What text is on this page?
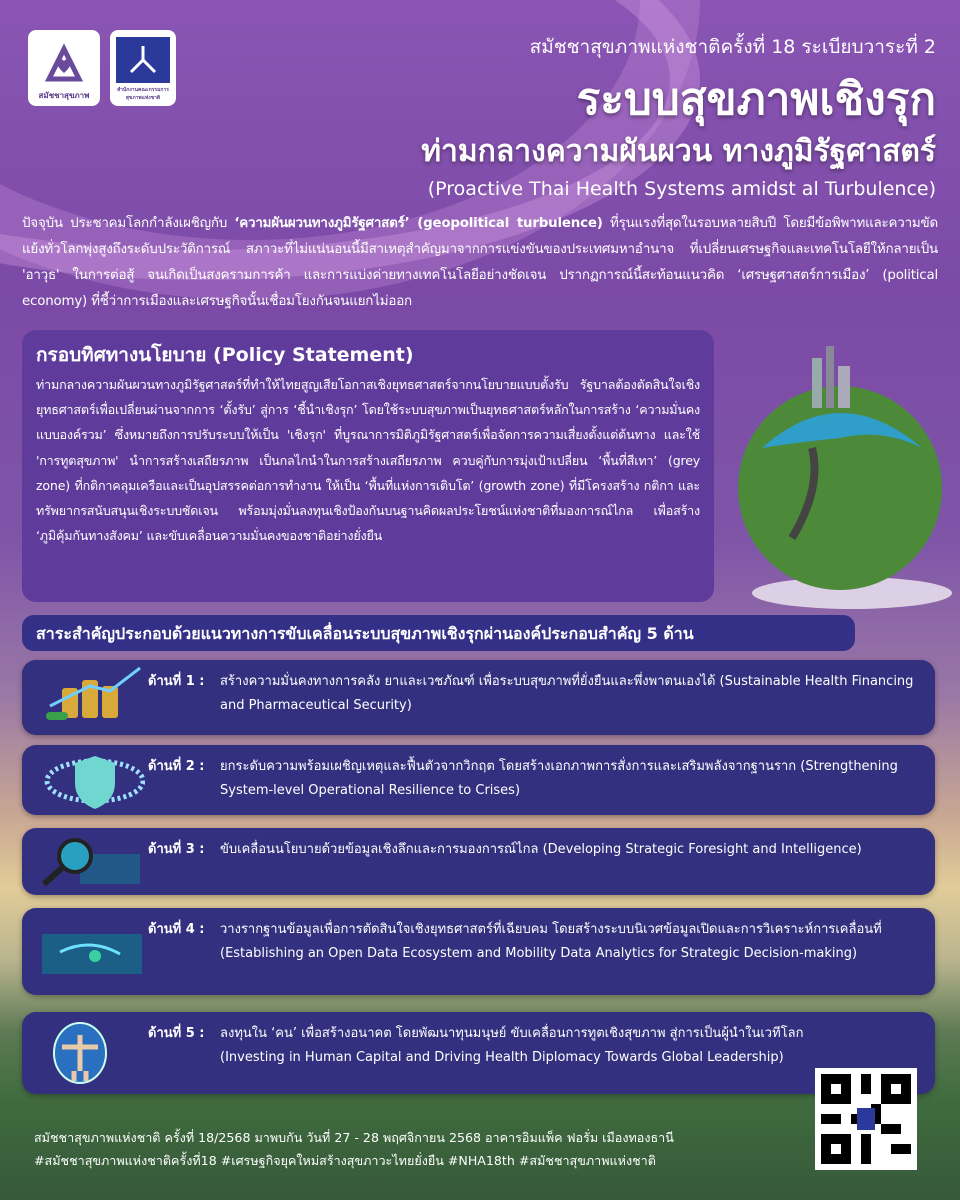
สมัชชาสุขภาพ
สำนักงานคณะกรรมการสุขภาพแห่งชาติ
สมัชชาสุขภาพแห่งชาติครั้งที่ 18 ระเบียบวาระที่ 2
ระบบสุขภาพเชิงรุก
ท่ามกลางความผันผวน ทางภูมิรัฐศาสตร์
(Proactive Thai Health Systems amidst al Turbulence)

ปัจจุบัน ประชาคมโลกกำลังเผชิญกับ ‘ความผันผวนทางภูมิรัฐศาสตร์’ (geopolitical turbulence) ที่รุนแรงที่สุดในรอบหลายสิบปี โดยมีข้อพิพาทและความขัดแย้งทั่วโลกพุ่งสูงถึงระดับประวัติการณ์ สภาวะที่ไม่แน่นอนนี้มีสาเหตุสำคัญมาจากการแข่งขันของประเทศมหาอำนาจ ที่เปลี่ยนเศรษฐกิจและเทคโนโลยีให้กลายเป็น 'อาวุธ' ในการต่อสู้ จนเกิดเป็นสงครามการค้า และการแบ่งค่ายทางเทคโนโลยีอย่างชัดเจน ปรากฏการณ์นี้สะท้อนแนวคิด ‘เศรษฐศาสตร์การเมือง’ (political economy) ที่ชี้ว่าการเมืองและเศรษฐกิจนั้นเชื่อมโยงกันจนแยกไม่ออก

กรอบทิศทางนโยบาย (Policy Statement)

ท่ามกลางความผันผวนทางภูมิรัฐศาสตร์ที่ทำให้ไทยสูญเสียโอกาสเชิงยุทธศาสตร์จากนโยบายแบบตั้งรับ รัฐบาลต้องตัดสินใจเชิงยุทธศาสตร์เพื่อเปลี่ยนผ่านจากการ ‘ตั้งรับ’ สู่การ ‘ชี้นำเชิงรุก’ โดยใช้ระบบสุขภาพเป็นยุทธศาสตร์หลักในการสร้าง ‘ความมั่นคงแบบองค์รวม’ ซึ่งหมายถึงการปรับระบบให้เป็น 'เชิงรุก' ที่บูรณาการมิติภูมิรัฐศาสตร์เพื่อจัดการความเสี่ยงตั้งแต่ต้นทาง และใช้ 'การทูตสุขภาพ' นำการสร้างเสถียรภาพ เป็นกลไกนำในการสร้างเสถียรภาพ ควบคู่กับการมุ่งเป้าเปลี่ยน ‘พื้นที่สีเทา’ (grey zone) ที่กติกาคลุมเครือและเป็นอุปสรรคต่อการทำงาน ให้เป็น ‘พื้นที่แห่งการเติบโต’ (growth zone) ที่มีโครงสร้าง กติกา และทรัพยากรสนับสนุนเชิงระบบชัดเจน พร้อมมุ่งมั่นลงทุนเชิงป้องกันบนฐานคิดผลประโยชน์แห่งชาติที่มองการณ์ไกล เพื่อสร้าง ‘ภูมิคุ้มกันทางสังคม’ และขับเคลื่อนความมั่นคงของชาติอย่างยั่งยืน

สาระสำคัญประกอบด้วยแนวทางการขับเคลื่อนระบบสุขภาพเชิงรุกผ่านองค์ประกอบสำคัญ 5 ด้าน
ด้านที่ 1 : สร้างความมั่นคงทางการคลัง ยาและเวชภัณฑ์ เพื่อระบบสุขภาพที่ยั่งยืนและพึ่งพาตนเองได้ (Sustainable Health Financing and Pharmaceutical Security)
ด้านที่ 2 : ยกระดับความพร้อมเผชิญเหตุและฟื้นตัวจากวิกฤต โดยสร้างเอกภาพการสั่งการและเสริมพลังจากฐานราก (Strengthening System-level Operational Resilience to Crises)
ด้านที่ 3 : ขับเคลื่อนนโยบายด้วยข้อมูลเชิงลึกและการมองการณ์ไกล (Developing Strategic Foresight and Intelligence)
ด้านที่ 4 : วางรากฐานข้อมูลเพื่อการตัดสินใจเชิงยุทธศาสตร์ที่เฉียบคม โดยสร้างระบบนิเวศข้อมูลเปิดและการวิเคราะห์การเคลื่อนที่ (Establishing an Open Data Ecosystem and Mobility Data Analytics for Strategic Decision-making)
ด้านที่ 5 : ลงทุนใน ‘คน’ เพื่อสร้างอนาคต โดยพัฒนาทุนมนุษย์ ขับเคลื่อนการทูตเชิงสุขภาพ สู่การเป็นผู้นำในเวทีโลก (Investing in Human Capital and Driving Health Diplomacy Towards Global Leadership)
สมัชชาสุขภาพแห่งชาติ ครั้งที่ 18/2568 มาพบกัน วันที่ 27 - 28 พฤศจิกายน 2568 อาคารอิมแพ็ค ฟอรั่ม เมืองทองธานี
#สมัชชาสุขภาพแห่งชาติครั้งที่18 #เศรษฐกิจยุคใหม่สร้างสุขภาวะไทยยั่งยืน #NHA18th #สมัชชาสุขภาพแห่งชาติ
